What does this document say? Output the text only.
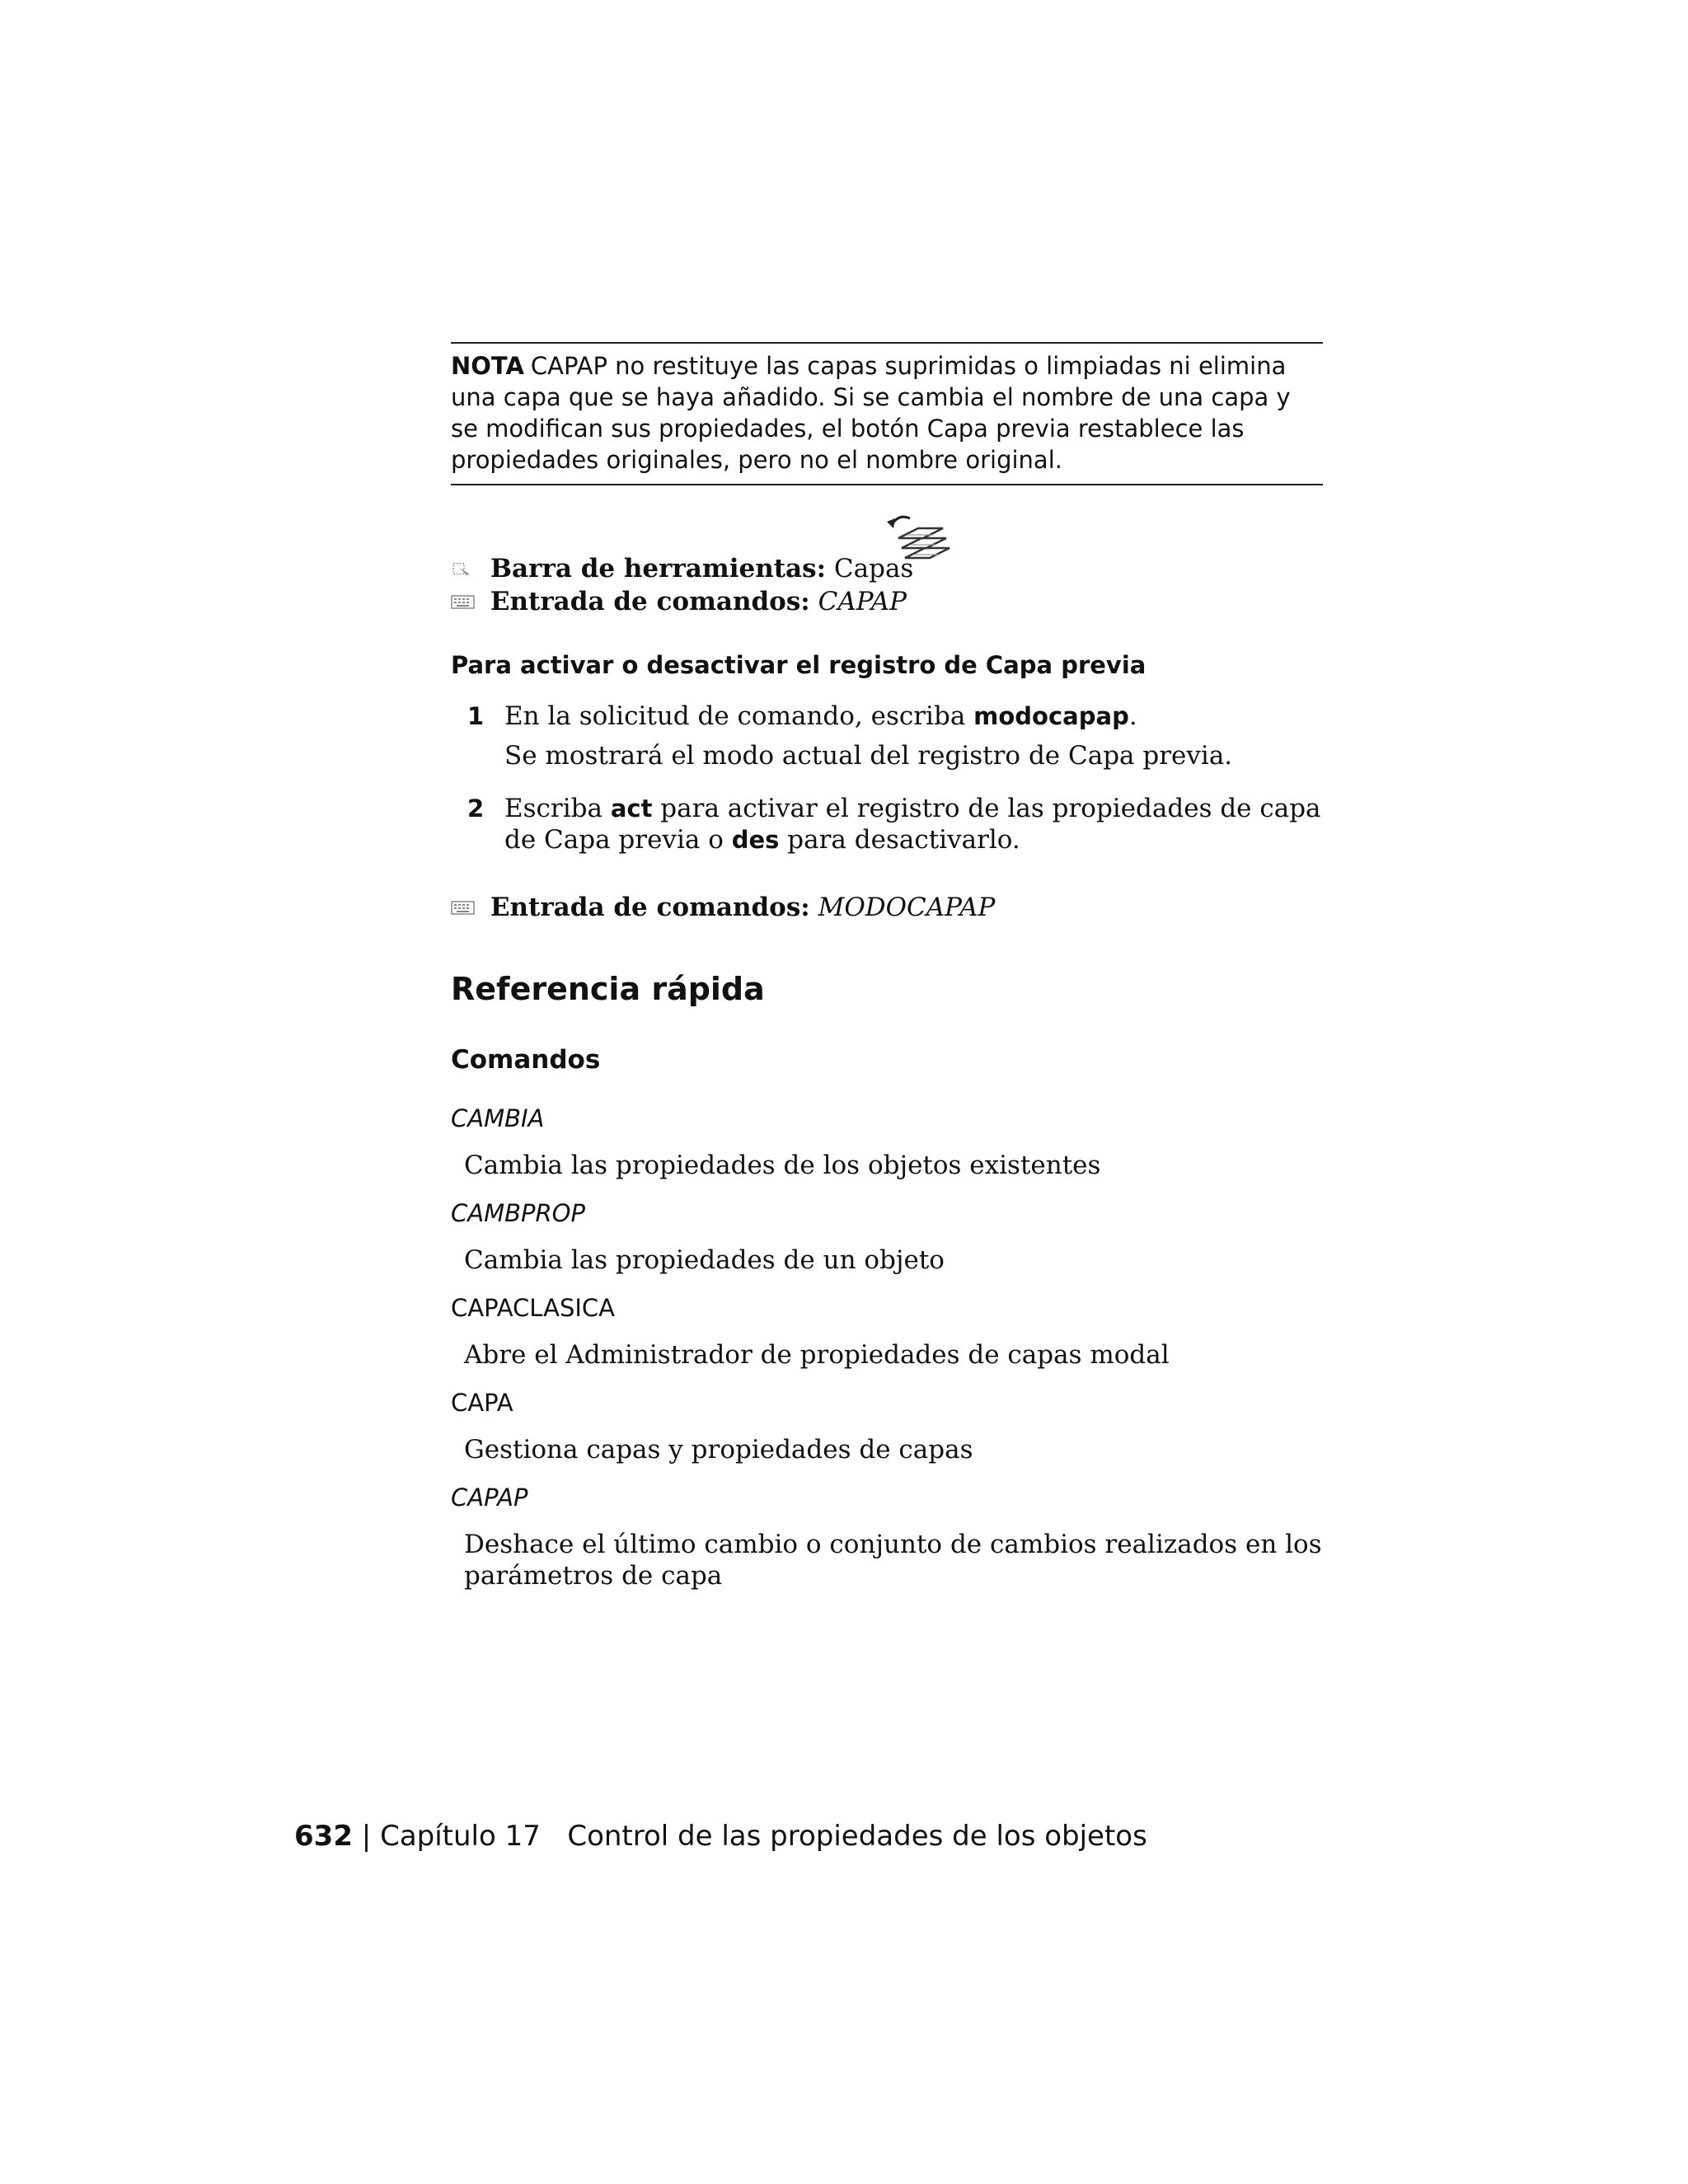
NOTA CAPAP no restituye las capas suprimidas o limpiadas ni elimina una capa que se haya añadido. Si se cambia el nombre de una capa y se modifican sus propiedades, el botón Capa previa restablece las propiedades originales, pero no el nombre original.
Barra de herramientas: Capas
Entrada de comandos: CAPAP
Para activar o desactivar el registro de Capa previa
1 En la solicitud de comando, escriba modocapap.
Se mostrará el modo actual del registro de Capa previa.
2 Escriba act para activar el registro de las propiedades de capa de Capa previa o des para desactivarlo.
Entrada de comandos: MODOCAPAP
Referencia rápida
Comandos
CAMBIA
Cambia las propiedades de los objetos existentes
CAMBPROP
Cambia las propiedades de un objeto
CAPACLASICA
Abre el Administrador de propiedades de capas modal
CAPA
Gestiona capas y propiedades de capas
CAPAP
Deshace el último cambio o conjunto de cambios realizados en los parámetros de capa
632 | Capítulo 17 Control de las propiedades de los objetos
